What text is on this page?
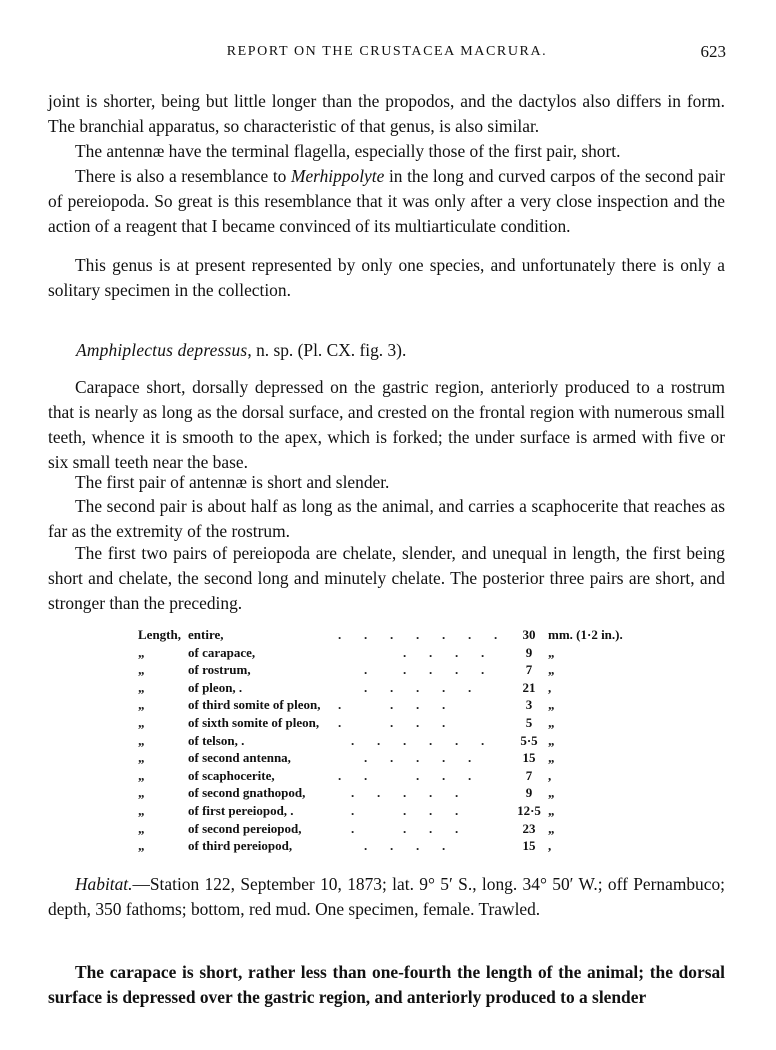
REPORT ON THE CRUSTACEA MACRURA.	623

joint is shorter, being but little longer than the propodos, and the dactylos also differs in form. The branchial apparatus, so characteristic of that genus, is also similar.

The antennæ have the terminal flagella, especially those of the first pair, short.

There is also a resemblance to Merhippolyte in the long and curved carpos of the second pair of pereiopoda. So great is this resemblance that it was only after a very close inspection and the action of a reagent that I became convinced of its multiarticulate condition.

This genus is at present represented by only one species, and unfortunately there is only a solitary specimen in the collection.

Amphiplectus depressus, n. sp. (Pl. CX. fig. 3).

Carapace short, dorsally depressed on the gastric region, anteriorly produced to a rostrum that is nearly as long as the dorsal surface, and crested on the frontal region with numerous small teeth, whence it is smooth to the apex, which is forked; the under surface is armed with five or six small teeth near the base.

The first pair of antennæ is short and slender.

The second pair is about half as long as the animal, and carries a scaphocerite that reaches as far as the extremity of the rostrum.

The first two pairs of pereiopoda are chelate, slender, and unequal in length, the first being short and chelate, the second long and minutely chelate. The posterior three pairs are short, and stronger than the preceding.

Length,	entire,	.       .       .       .       .       .       .	30	mm. (1·2 in.).
„	of carapace,	.       .       .       .	9	„
„	of rostrum,	.           .       .       .       .	7	„
„	of pleon, .	.       .       .       .       .	21	,
„	of third somite of pleon,	.               .       .       .	3	„
„	of sixth somite of pleon,	.               .       .       .	5	„
„	of telson, .	.       .       .       .       .       .	5·5	„
„	of second antenna,	.       .       .       .       .	15	„
„	of scaphocerite,	.       .               .       .       .	7	,
„	of second gnathopod,	.       .       .       .       .	9	„
„	of first pereiopod, .	.               .       .       .	12·5	„
„	of second pereiopod,	.               .       .       .	23	„
„	of third pereiopod,	.       .       .       .	15	,

Habitat.—Station 122, September 10, 1873; lat. 9° 5′ S., long. 34° 50′ W.; off Pernambuco; depth, 350 fathoms; bottom, red mud. One specimen, female. Trawled.

The carapace is short, rather less than one-fourth the length of the animal; the dorsal surface is depressed over the gastric region, and anteriorly produced to a slender
